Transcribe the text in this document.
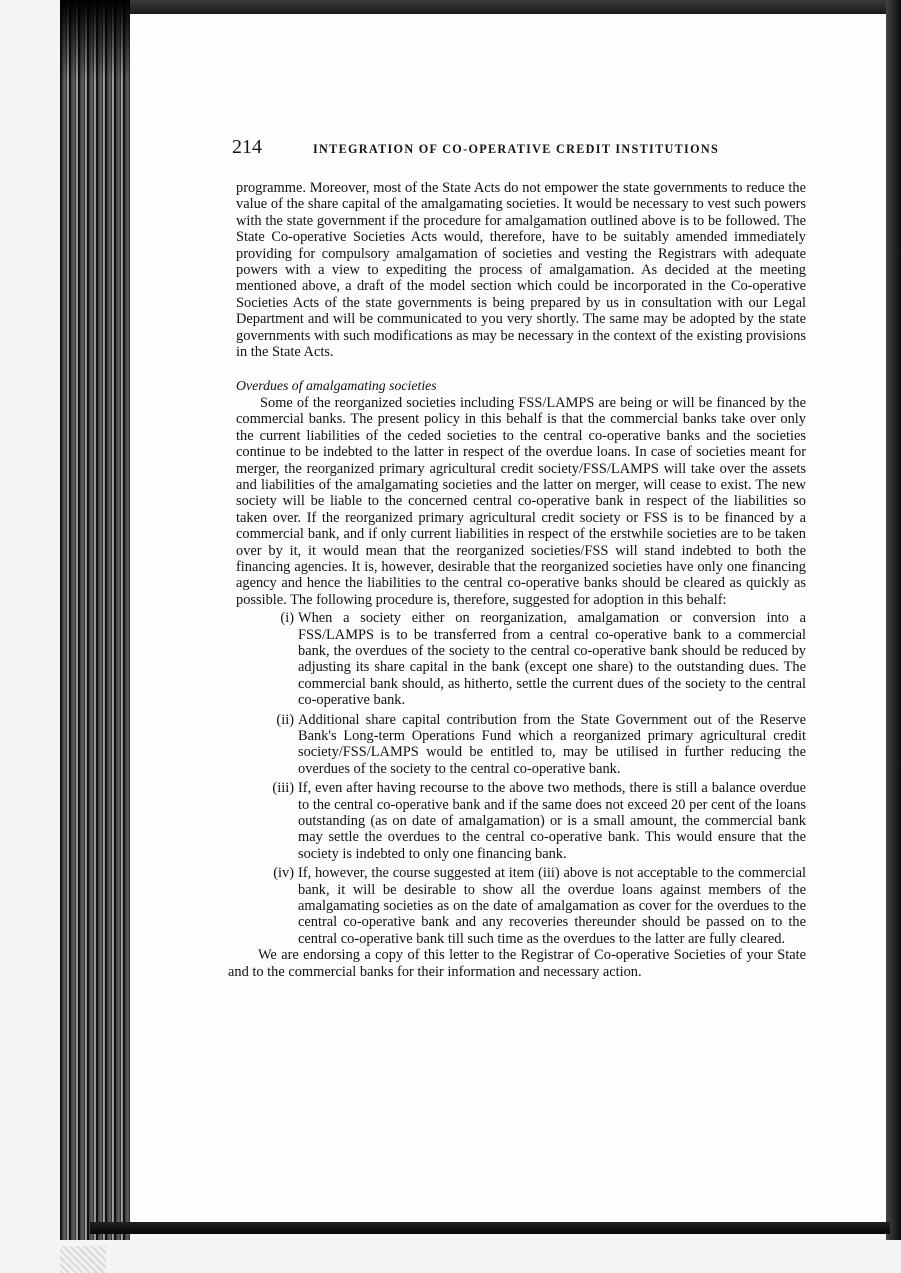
214	INTEGRATION OF CO-OPERATIVE CREDIT INSTITUTIONS

programme. Moreover, most of the State Acts do not empower the state governments to reduce the value of the share capital of the amalgamating societies. It would be necessary to vest such powers with the state government if the procedure for amalgamation outlined above is to be followed. The State Co-operative Societies Acts would, therefore, have to be suitably amended immediately providing for compulsory amalgamation of societies and vesting the Registrars with adequate powers with a view to expediting the process of amalgamation. As decided at the meeting mentioned above, a draft of the model section which could be incorporated in the Co-operative Societies Acts of the state governments is being prepared by us in consultation with our Legal Department and will be communicated to you very shortly. The same may be adopted by the state governments with such modifications as may be necessary in the context of the existing provisions in the State Acts.

Overdues of amalgamating societies

Some of the reorganized societies including FSS/LAMPS are being or will be financed by the commercial banks. The present policy in this behalf is that the commercial banks take over only the current liabilities of the ceded societies to the central co-operative banks and the societies continue to be indebted to the latter in respect of the overdue loans. In case of societies meant for merger, the reorganized primary agricultural credit society/FSS/LAMPS will take over the assets and liabilities of the amalgamating societies and the latter on merger, will cease to exist. The new society will be liable to the concerned central co-operative bank in respect of the liabilities so taken over. If the reorganized primary agricultural credit society or FSS is to be financed by a commercial bank, and if only current liabilities in respect of the erstwhile societies are to be taken over by it, it would mean that the reorganized societies/FSS will stand indebted to both the financing agencies. It is, however, desirable that the reorganized societies have only one financing agency and hence the liabilities to the central co-operative banks should be cleared as quickly as possible. The following procedure is, therefore, suggested for adoption in this behalf:

(i) When a society either on reorganization, amalgamation or conversion into a FSS/LAMPS is to be transferred from a central co-operative bank to a commercial bank, the overdues of the society to the central co-operative bank should be reduced by adjusting its share capital in the bank (except one share) to the outstanding dues. The commercial bank should, as hitherto, settle the current dues of the society to the central co-operative bank.
(ii) Additional share capital contribution from the State Government out of the Reserve Bank's Long-term Operations Fund which a reorganized primary agricultural credit society/FSS/LAMPS would be entitled to, may be utilised in further reducing the overdues of the society to the central co-operative bank.
(iii) If, even after having recourse to the above two methods, there is still a balance overdue to the central co-operative bank and if the same does not exceed 20 per cent of the loans outstanding (as on date of amalgamation) or is a small amount, the commercial bank may settle the overdues to the central co-operative bank. This would ensure that the society is indebted to only one financing bank.
(iv) If, however, the course suggested at item (iii) above is not acceptable to the commercial bank, it will be desirable to show all the overdue loans against members of the amalgamating societies as on the date of amalgamation as cover for the overdues to the central co-operative bank and any recoveries thereunder should be passed on to the central co-operative bank till such time as the overdues to the latter are fully cleared.

We are endorsing a copy of this letter to the Registrar of Co-operative Societies of your State and to the commercial banks for their information and necessary action.
